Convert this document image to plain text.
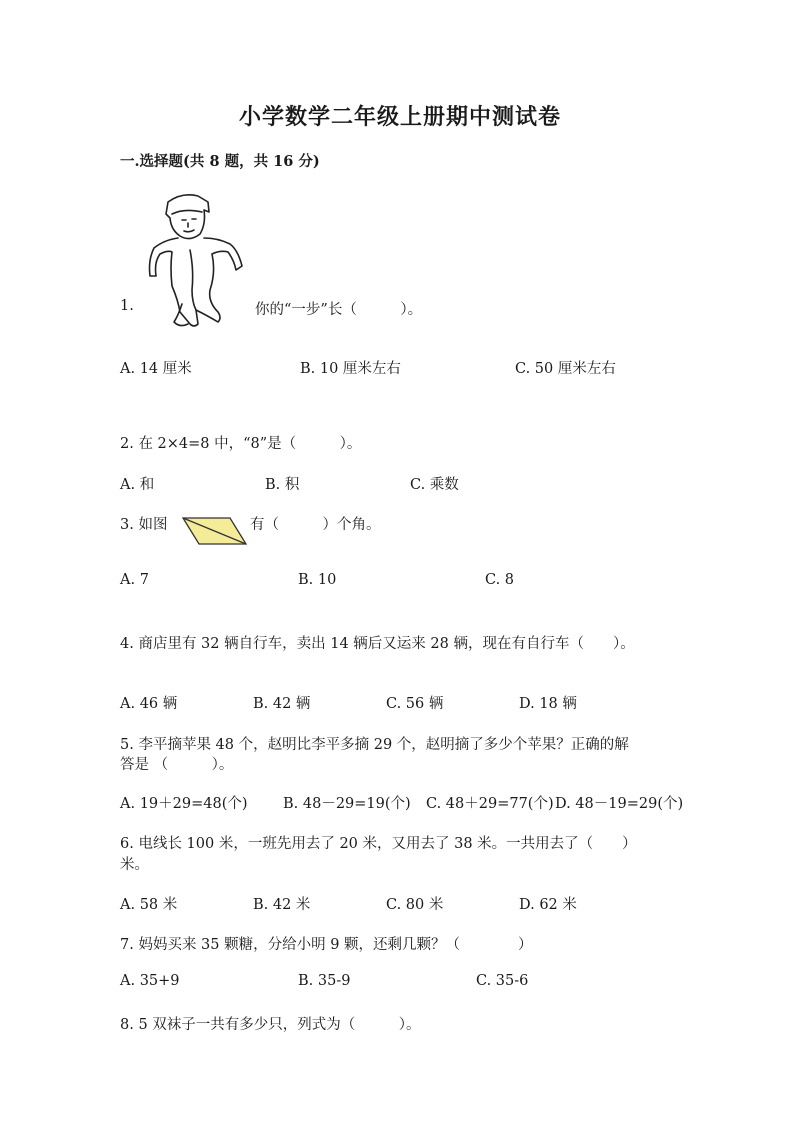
小学数学二年级上册期中测试卷
一.选择题(共 8 题，共 16 分)
1.	你的“一步”长（　　　）。
A. 14 厘米	B. 10 厘米左右	C. 50 厘米左右
2. 在 2×4=8 中，“8”是（　　　）。
A. 和	B. 积	C. 乘数
3. 如图	有（　　　）个角。
A. 7	B. 10	C. 8
4. 商店里有 32 辆自行车，卖出 14 辆后又运来 28 辆，现在有自行车（　　）。
A. 46 辆	B. 42 辆	C. 56 辆	D. 18 辆
5. 李平摘苹果 48 个，赵明比李平多摘 29 个，赵明摘了多少个苹果？正确的解
答是 （　　　）。
A. 19＋29=48(个) B. 48－29=19(个) C. 48＋29=77(个) D. 48－19=29(个)
6. 电线长 100 米，一班先用去了 20 米，又用去了 38 米。一共用去了（　　）
米。
A. 58 米	B. 42 米	C. 80 米	D. 62 米
7. 妈妈买来 35 颗糖，分给小明 9 颗，还剩几颗？（　　　　）
A. 35+9	B. 35-9	C. 35-6
8. 5 双袜子一共有多少只，列式为（　　　）。
